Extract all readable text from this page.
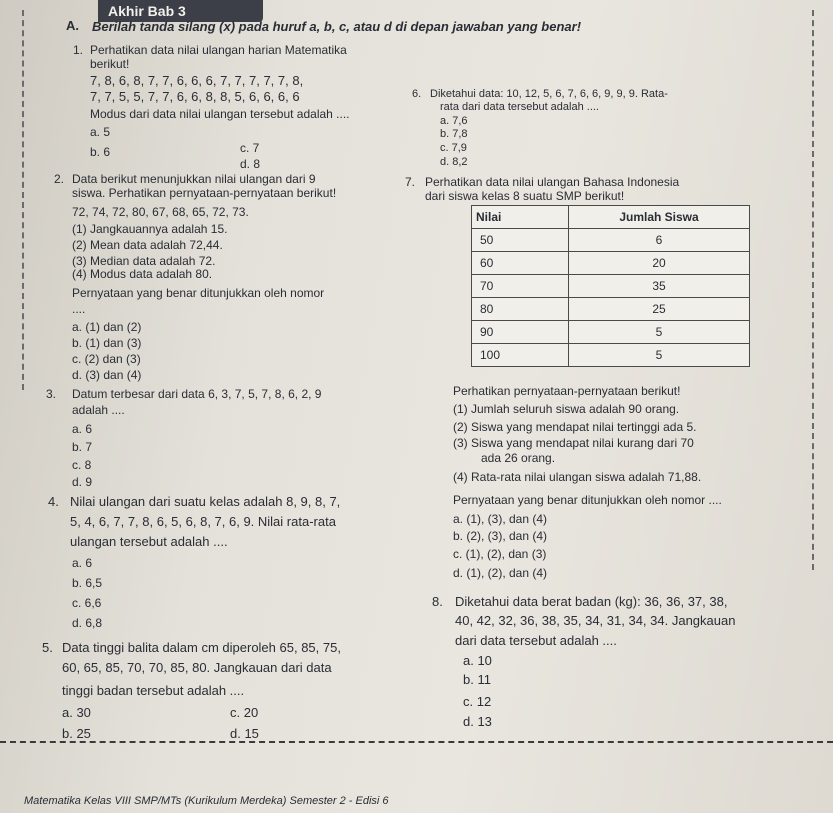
Akhir Bab 3
A. Berilah tanda silang (x) pada huruf a, b, c, atau d di depan jawaban yang benar!
1. Perhatikan data nilai ulangan harian Matematika
berikut!
7, 8, 6, 8, 7, 7, 6, 6, 6, 7, 7, 7, 7, 7, 8,
7, 7, 5, 5, 7, 7, 6, 6, 8, 8, 5, 6, 6, 6, 6
Modus dari data nilai ulangan tersebut adalah ....
a. 5
b. 6	c. 7
d. 8
2. Data berikut menunjukkan nilai ulangan dari 9
siswa. Perhatikan pernyataan-pernyataan berikut!
72, 74, 72, 80, 67, 68, 65, 72, 73.
(1) Jangkauannya adalah 15.
(2) Mean data adalah 72,44.
(3) Median data adalah 72.
(4) Modus data adalah 80.
Pernyataan yang benar ditunjukkan oleh nomor
....
a. (1) dan (2)
b. (1) dan (3)
c. (2) dan (3)
d. (3) dan (4)
3. Datum terbesar dari data 6, 3, 7, 5, 7, 8, 6, 2, 9
adalah ....
a. 6
b. 7
c. 8
d. 9
4. Nilai ulangan dari suatu kelas adalah 8, 9, 8, 7,
5, 4, 6, 7, 7, 8, 6, 5, 6, 8, 7, 6, 9. Nilai rata-rata
ulangan tersebut adalah ....
a. 6
b. 6,5
c. 6,6
d. 6,8
5. Data tinggi balita dalam cm diperoleh 65, 85, 75,
60, 65, 85, 70, 70, 85, 80. Jangkauan dari data
tinggi badan tersebut adalah ....
a. 30
b. 25
c. 20
d. 15
6. Diketahui data: 10, 12, 5, 6, 7, 6, 6, 9, 9, 9. Rata-
rata dari data tersebut adalah ....
a. 7,6
b. 7,8
c. 7,9
d. 8,2
7. Perhatikan data nilai ulangan Bahasa Indonesia
dari siswa kelas 8 suatu SMP berikut!
Nilai	Jumlah Siswa
50	6
60	20
70	35
80	25
90	5
100	5
Perhatikan pernyataan-pernyataan berikut!
(1) Jumlah seluruh siswa adalah 90 orang.
(2) Siswa yang mendapat nilai tertinggi ada 5.
(3) Siswa yang mendapat nilai kurang dari 70
ada 26 orang.
(4) Rata-rata nilai ulangan siswa adalah 71,88.
Pernyataan yang benar ditunjukkan oleh nomor ....
a. (1), (3), dan (4)
b. (2), (3), dan (4)
c. (1), (2), dan (3)
d. (1), (2), dan (4)
8. Diketahui data berat badan (kg): 36, 36, 37, 38,
40, 42, 32, 36, 38, 35, 34, 31, 34, 34. Jangkauan
dari data tersebut adalah ....
a. 10
b. 11
c. 12
d. 13
Matematika Kelas VIII SMP/MTs (Kurikulum Merdeka) Semester 2 - Edisi 6
